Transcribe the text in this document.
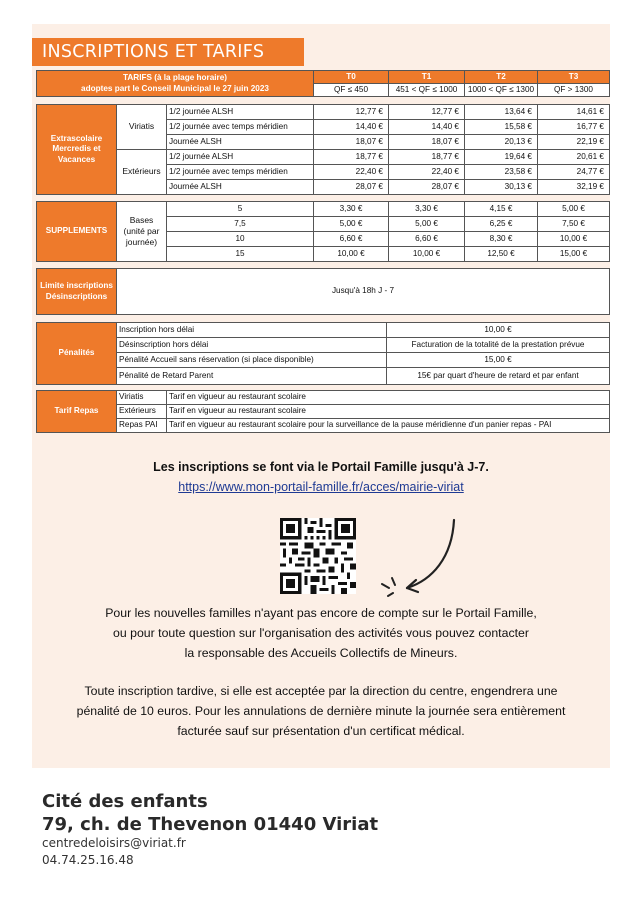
INSCRIPTIONS ET TARIFS
TARIFS (à la plage horaire)
adoptes part le Conseil Municipal le 27 juin 2023	T0	T1	T2	T3
	QF ≤ 450	451 < QF ≤ 1000	1000 < QF ≤ 1300	QF > 1300
Extrascolaire Mercredis et Vacances	Viriatis	1/2 journée ALSH	12,77 €	12,77 €	13,64 €	14,61 €
		1/2 journée avec temps méridien	14,40 €	14,40 €	15,58 €	16,77 €
		Journée ALSH	18,07 €	18,07 €	20,13 €	22,19 €
	Extérieurs	1/2 journée ALSH	18,77 €	18,77 €	19,64 €	20,61 €
		1/2 journée avec temps méridien	22,40 €	22,40 €	23,58 €	24,77 €
		Journée ALSH	28,07 €	28,07 €	30,13 €	32,19 €
SUPPLEMENTS	Bases (unité par journée)	5	3,30 €	3,30 €	4,15 €	5,00 €
		7,5	5,00 €	5,00 €	6,25 €	7,50 €
		10	6,60 €	6,60 €	8,30 €	10,00 €
		15	10,00 €	10,00 €	12,50 €	15,00 €
Limite inscriptions Désinscriptions	Jusqu'à 18h J - 7
Pénalités	Inscription hors délai	10,00 €
	Désinscription hors délai	Facturation de la totalité de la prestation prévue
	Pénalité Accueil sans réservation (si place disponible)	15,00 €
	Pénalité de Retard Parent	15€ par quart d'heure de retard et par enfant
Tarif Repas	Viriatis	Tarif en vigueur au restaurant scolaire
	Extérieurs	Tarif en vigueur au restaurant scolaire
	Repas PAI	Tarif en vigueur au restaurant scolaire pour la surveillance de la pause méridienne d'un panier repas - PAI
Les inscriptions se font via le Portail Famille jusqu'à J-7.
https://www.mon-portail-famille.fr/acces/mairie-viriat
Pour les nouvelles familles n'ayant pas encore de compte sur le Portail Famille,
ou pour toute question sur l'organisation des activités vous pouvez contacter
la responsable des Accueils Collectifs de Mineurs.
Toute inscription tardive, si elle est acceptée par la direction du centre, engendrera une
pénalité de 10 euros. Pour les annulations de dernière minute la journée sera entièrement
facturée sauf sur présentation d'un certificat médical.
Cité des enfants
79, ch. de Thevenon 01440 Viriat
centredeloisirs@viriat.fr
04.74.25.16.48
